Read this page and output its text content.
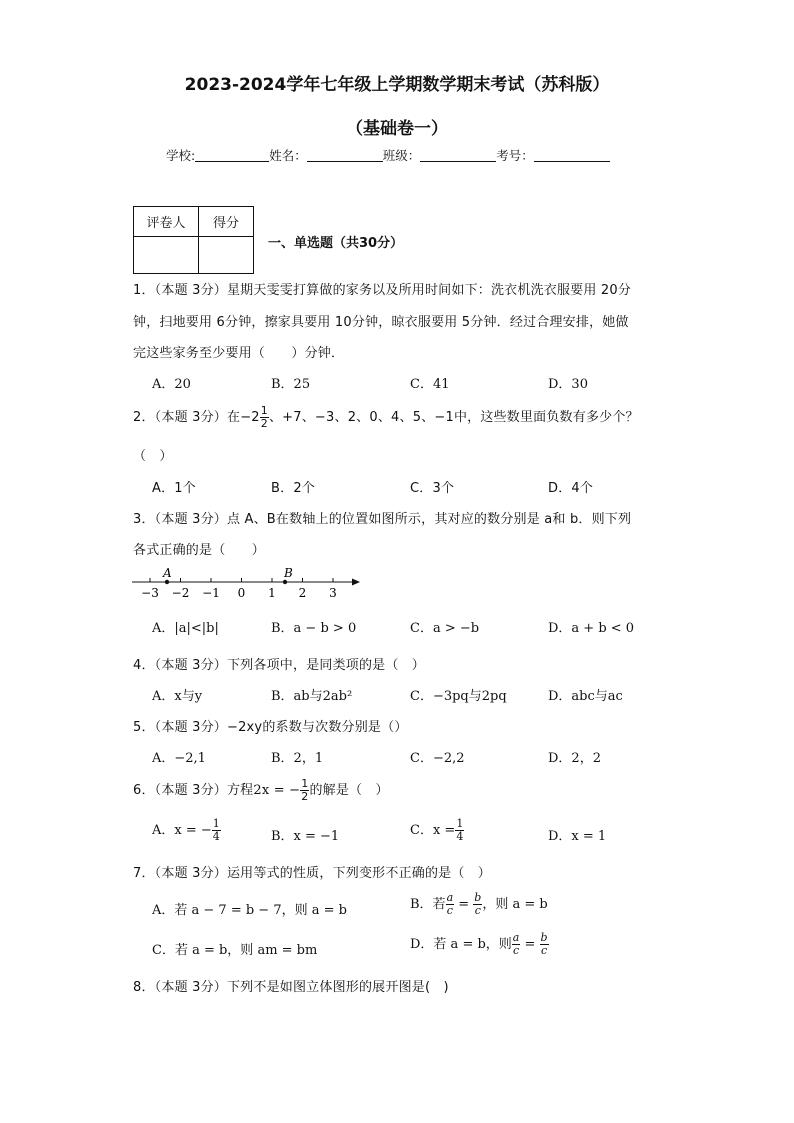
2023-2024学年七年级上学期数学期末考试（苏科版）
（基础卷一）
学校:	姓名：	班级：	考号：
评卷人	得分

一、单选题（共30分）
1．（本题 3分）星期天雯雯打算做的家务以及所用时间如下：洗衣机洗衣服要用 20分
钟，扫地要用 6分钟，擦家具要用 10分钟，晾衣服要用 5分钟．经过合理安排，她做
完这些家务至少要用（　　）分钟．
A．20	B．25	C．41	D．30
2．（本题 3分）在$-2 \frac{1}{2}$ 、+7、−3、2、0、4、5、−1中，这些数里面负数有多少个？
（　）
A．1个	B．2个	C．3个	D．4个
3．（本题 3分）点 A、B在数轴上的位置如图所示，其对应的数分别是 a和 b．则下列
各式正确的是（　　）
−3 −2 −1 0 1 2 3
A	B
A．|a|<|b|	B．a − b > 0	C．a > −b	D．a + b < 0
4．（本题 3分）下列各项中，是同类项的是（　）
A．x与y	B．ab与2ab²	C．−3pq与2pq	D．abc与ac
5．（本题 3分）−2xy的系数与次数分别是（）
A．−2,1	B．2，1	C．−2,2	D．2，2
6．（本题 3分）方程2x = − $\frac{1}{2}$ 的解是（　）
A．x = − $\frac{1}{4}$	B．x = −1	C．$x = \frac{1}{4}$	D．x = 1
7．（本题 3分）运用等式的性质，下列变形不正确的是（　）
A．若 a − 7 = b − 7，则 a = b	B．若 $\frac{a}{c} = \frac{b}{c}$ ，则 a = b
C．若 a = b，则 am = bm	D．若 a = b，则 $\frac{a}{c} = \frac{b}{c}$
8．（本题 3分）下列不是如图立体图形的展开图是(　)
